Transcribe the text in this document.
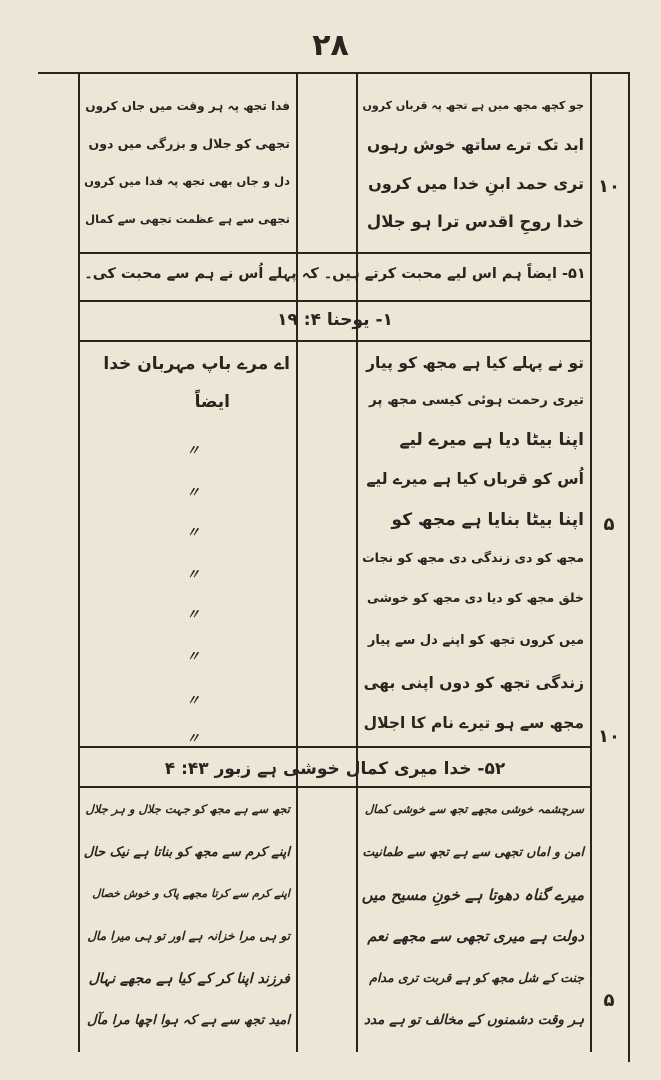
۲۸
۱۰
جو کچھ مجھ میں ہے تجھ پہ قرباں کروں
ابد تک ترے ساتھ خوش رہوں
تری حمد ابنِ خدا میں کروں
خدا روحِ اقدس ترا ہو جلال
فدا تجھ پہ ہر وقت میں جاں کروں
تجھی کو جلال و بزرگی میں دوں
دل و جاں بھی تجھ پہ فدا میں کروں
تجھی سے ہے عظمت تجھی سے کمال
۵۱- ایضاً ہم اس لیے محبت کرتے ہیں۔ کہ پہلے اُس نے ہم سے محبت کی۔
۱- یوحنا ۴: ۱۹
۵
۱۰
تو نے پہلے کیا ہے مجھ کو پیار
تیری رحمت ہوئی کیسی مجھ پر
اپنا بیٹا دیا ہے میرے لیے
اُس کو قرباں کیا ہے میرے لیے
اپنا بیٹا بنایا ہے مجھ کو
مجھ کو دی زندگی دی مجھ کو نجات
خلق مجھ کو دیا دی مجھ کو خوشی
میں کروں تجھ کو اپنے دل سے پیار
زندگی تجھ کو دوں اپنی بھی
مجھ سے ہو تیرے نام کا اجلال
اے مرے باپ مہربان خدا
ایضاً
〃
〃
〃
〃
〃
〃
〃
〃
۵۲- خدا میری کمال خوشی ہے زبور ۴۳: ۴
۵
سرچشمہ خوشی مجھے تجھ سے خوشی کمال
امن و اماں تجھی سے ہے تجھ سے طمانیت
میرے گناہ دھوتا ہے خونِ مسیح میں
دولت ہے میری تجھی سے مجھے نعم
جنت کے شل مجھ کو ہے قربت تری مدام
ہر وقت دشمنوں کے مخالف تو ہے مدد
تجھ سے ہے مجھ کو جہت جلال و ہر جلال
اپنے کرم سے مجھ کو بناتا ہے نیک حال
اپنے کرم سے کرتا مجھے پاک و خوش خصال
تو ہی مرا خزانہ ہے اور تو ہی میرا مال
فرزند اپنا کر کے کیا ہے مجھے نہال
امید تجھ سے ہے کہ ہوا اچھا مرا مآل
